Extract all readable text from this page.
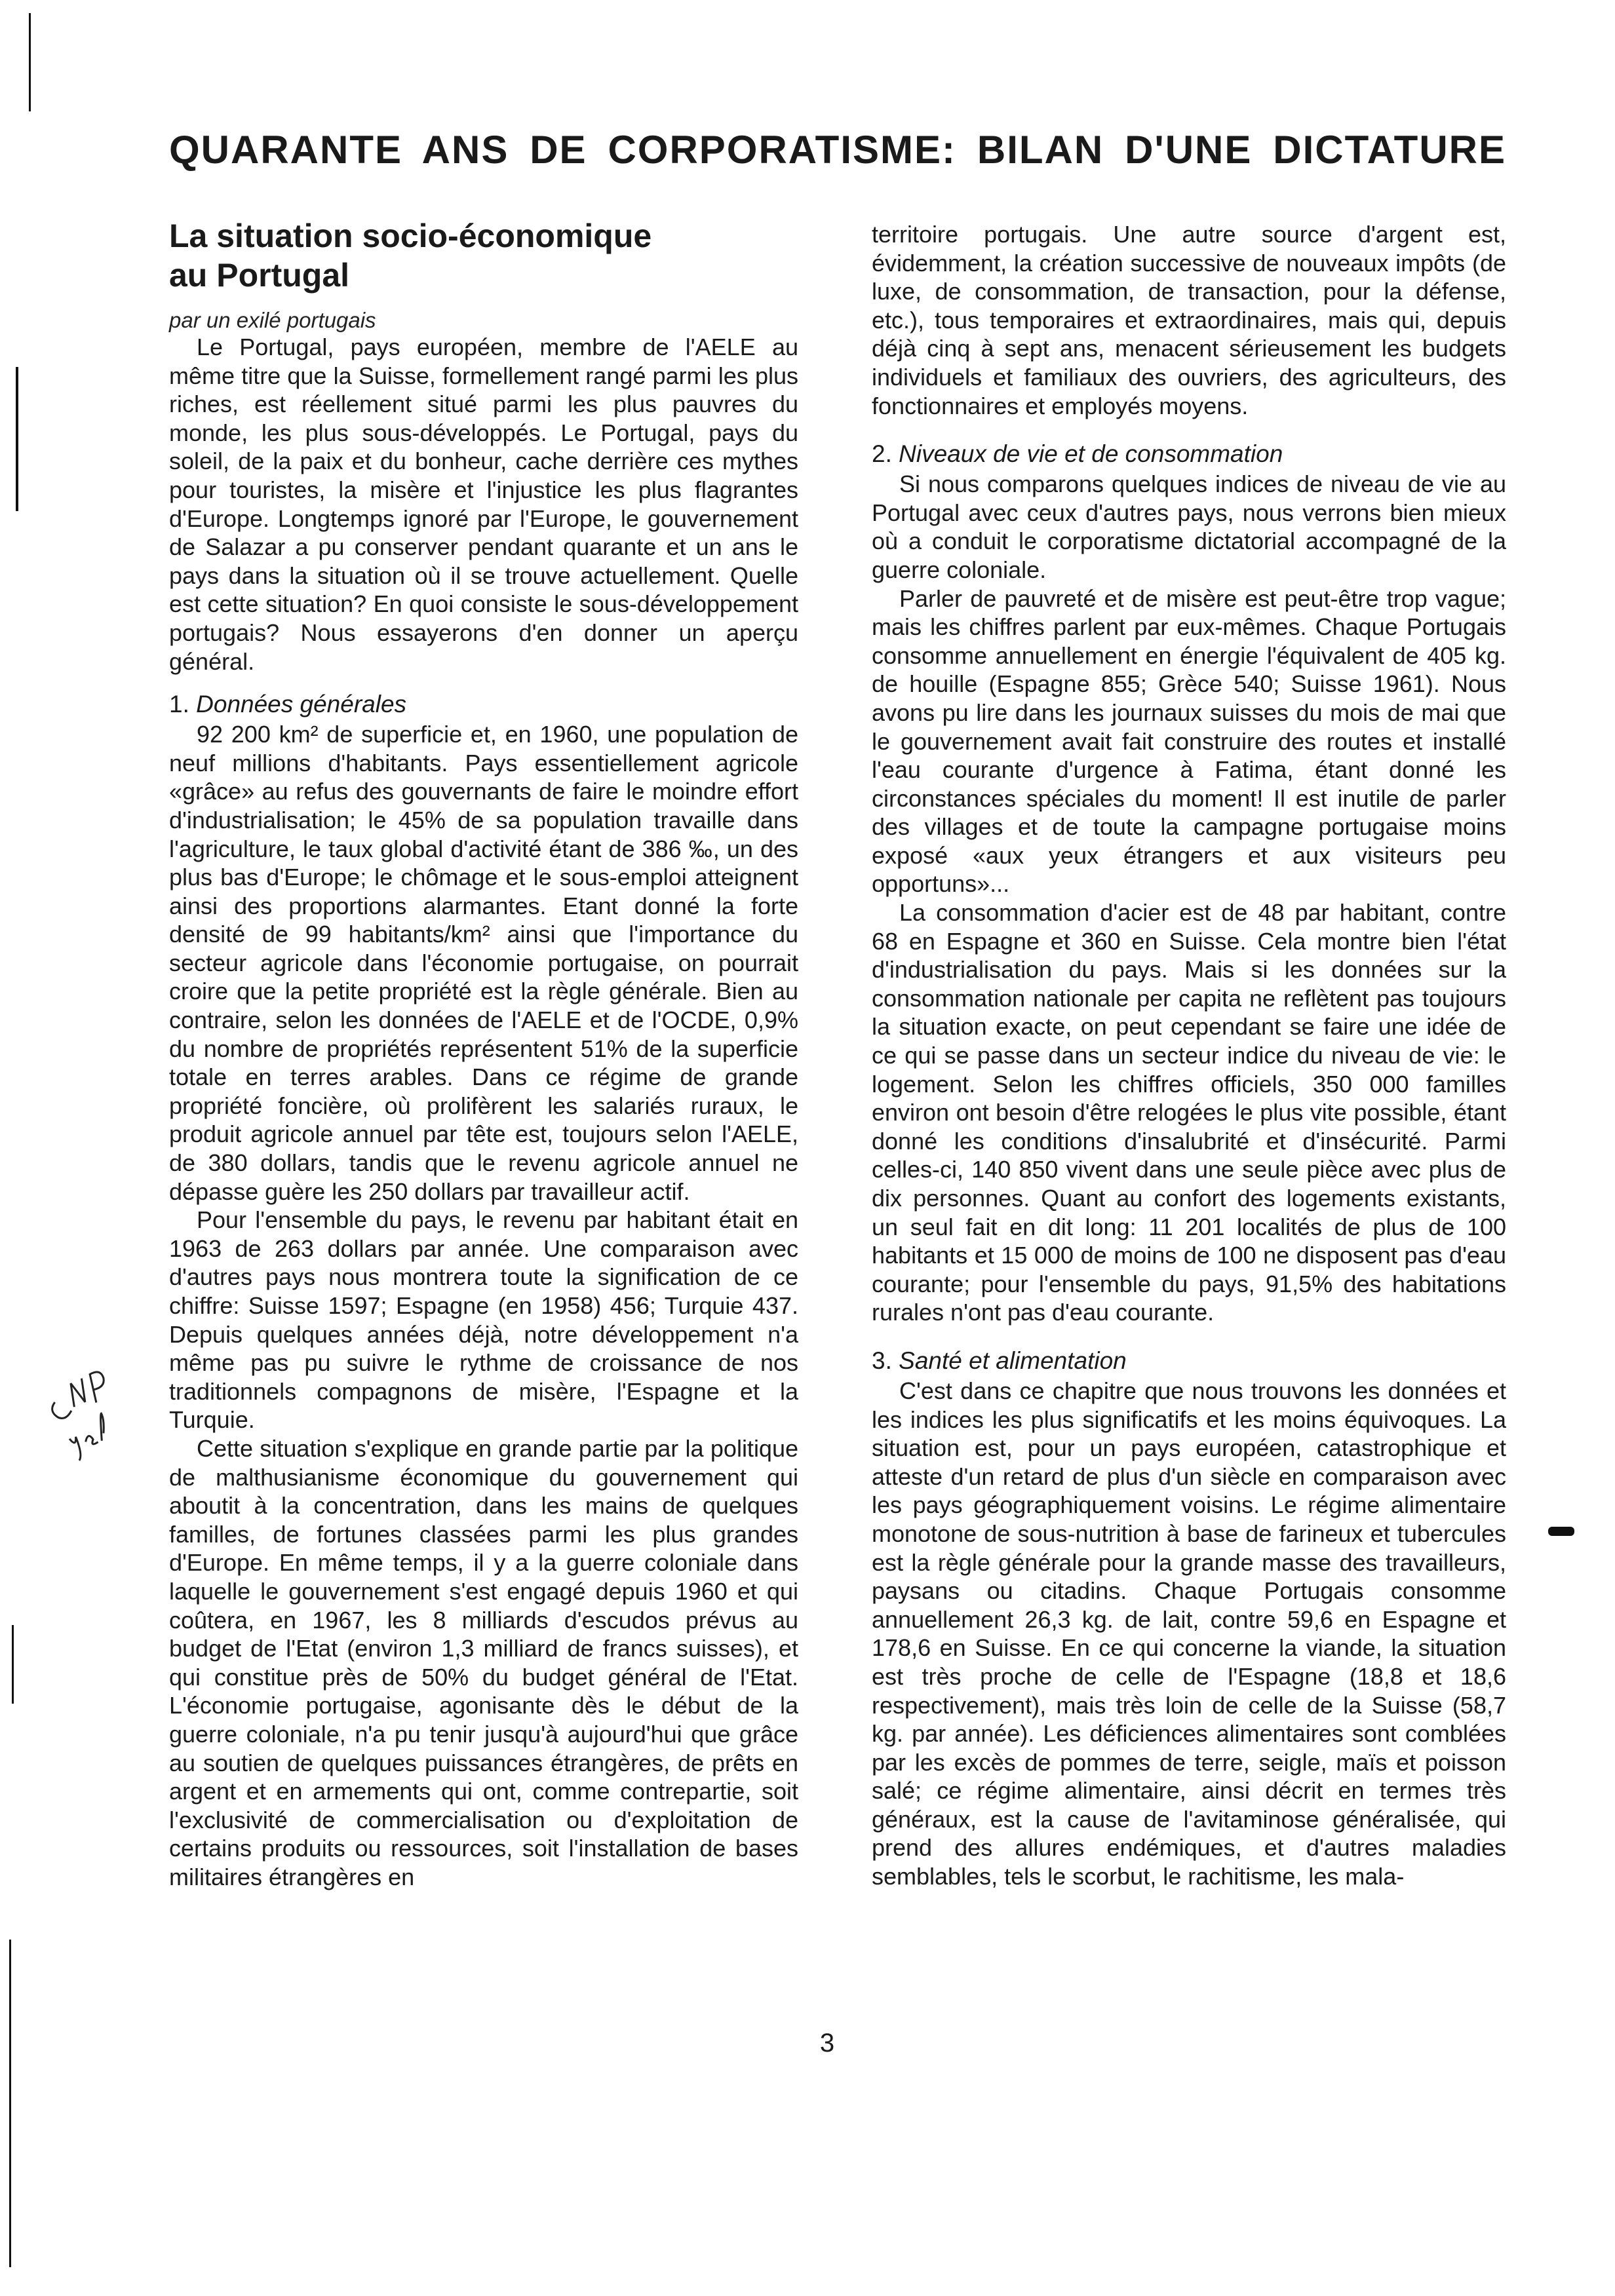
QUARANTE ANS DE CORPORATISME: BILAN D'UNE DICTATURE
La situation socio-économique
au Portugal

par un exilé portugais

Le Portugal, pays européen, membre de l'AELE au même titre que la Suisse, formellement rangé parmi les plus riches, est réellement situé parmi les plus pauvres du monde, les plus sous-développés. Le Portugal, pays du soleil, de la paix et du bonheur, cache derrière ces mythes pour touristes, la misère et l'injustice les plus flagrantes d'Europe. Longtemps ignoré par l'Europe, le gouvernement de Salazar a pu conserver pendant quarante et un ans le pays dans la situation où il se trouve actuellement. Quelle est cette situation? En quoi consiste le sous-développement portugais? Nous essayerons d'en donner un aperçu général.

1. Données générales

92 200 km² de superficie et, en 1960, une population de neuf millions d'habitants. Pays essentiellement agricole «grâce» au refus des gouvernants de faire le moindre effort d'industrialisation; le 45% de sa population travaille dans l'agriculture, le taux global d'activité étant de 386 ‰, un des plus bas d'Europe; le chômage et le sous-emploi atteignent ainsi des proportions alarmantes. Etant donné la forte densité de 99 habitants/km² ainsi que l'importance du secteur agricole dans l'économie portugaise, on pourrait croire que la petite propriété est la règle générale. Bien au contraire, selon les données de l'AELE et de l'OCDE, 0,9% du nombre de propriétés représentent 51% de la superficie totale en terres arables. Dans ce régime de grande propriété foncière, où prolifèrent les salariés ruraux, le produit agricole annuel par tête est, toujours selon l'AELE, de 380 dollars, tandis que le revenu agricole annuel ne dépasse guère les 250 dollars par travailleur actif.

Pour l'ensemble du pays, le revenu par habitant était en 1963 de 263 dollars par année. Une comparaison avec d'autres pays nous montrera toute la signification de ce chiffre: Suisse 1597; Espagne (en 1958) 456; Turquie 437. Depuis quelques années déjà, notre développement n'a même pas pu suivre le rythme de croissance de nos traditionnels compagnons de misère, l'Espagne et la Turquie.

Cette situation s'explique en grande partie par la politique de malthusianisme économique du gouvernement qui aboutit à la concentration, dans les mains de quelques familles, de fortunes classées parmi les plus grandes d'Europe. En même temps, il y a la guerre coloniale dans laquelle le gouvernement s'est engagé depuis 1960 et qui coûtera, en 1967, les 8 milliards d'escudos prévus au budget de l'Etat (environ 1,3 milliard de francs suisses), et qui constitue près de 50% du budget général de l'Etat. L'économie portugaise, agonisante dès le début de la guerre coloniale, n'a pu tenir jusqu'à aujourd'hui que grâce au soutien de quelques puissances étrangères, de prêts en argent et en armements qui ont, comme contrepartie, soit l'exclusivité de commercialisation ou d'exploitation de certains produits ou ressources, soit l'installation de bases militaires étrangères en

territoire portugais. Une autre source d'argent est, évidemment, la création successive de nouveaux impôts (de luxe, de consommation, de transaction, pour la défense, etc.), tous temporaires et extraordinaires, mais qui, depuis déjà cinq à sept ans, menacent sérieusement les budgets individuels et familiaux des ouvriers, des agriculteurs, des fonctionnaires et employés moyens.

2. Niveaux de vie et de consommation

Si nous comparons quelques indices de niveau de vie au Portugal avec ceux d'autres pays, nous verrons bien mieux où a conduit le corporatisme dictatorial accompagné de la guerre coloniale.

Parler de pauvreté et de misère est peut-être trop vague; mais les chiffres parlent par eux-mêmes. Chaque Portugais consomme annuellement en énergie l'équivalent de 405 kg. de houille (Espagne 855; Grèce 540; Suisse 1961). Nous avons pu lire dans les journaux suisses du mois de mai que le gouvernement avait fait construire des routes et installé l'eau courante d'urgence à Fatima, étant donné les circonstances spéciales du moment! Il est inutile de parler des villages et de toute la campagne portugaise moins exposé «aux yeux étrangers et aux visiteurs peu opportuns»...

La consommation d'acier est de 48 par habitant, contre 68 en Espagne et 360 en Suisse. Cela montre bien l'état d'industrialisation du pays. Mais si les données sur la consommation nationale per capita ne reflètent pas toujours la situation exacte, on peut cependant se faire une idée de ce qui se passe dans un secteur indice du niveau de vie: le logement. Selon les chiffres officiels, 350 000 familles environ ont besoin d'être relogées le plus vite possible, étant donné les conditions d'insalubrité et d'insécurité. Parmi celles-ci, 140 850 vivent dans une seule pièce avec plus de dix personnes. Quant au confort des logements existants, un seul fait en dit long: 11 201 localités de plus de 100 habitants et 15 000 de moins de 100 ne disposent pas d'eau courante; pour l'ensemble du pays, 91,5% des habitations rurales n'ont pas d'eau courante.

3. Santé et alimentation

C'est dans ce chapitre que nous trouvons les données et les indices les plus significatifs et les moins équivoques. La situation est, pour un pays européen, catastrophique et atteste d'un retard de plus d'un siècle en comparaison avec les pays géographiquement voisins. Le régime alimentaire monotone de sous-nutrition à base de farineux et tubercules est la règle générale pour la grande masse des travailleurs, paysans ou citadins. Chaque Portugais consomme annuellement 26,3 kg. de lait, contre 59,6 en Espagne et 178,6 en Suisse. En ce qui concerne la viande, la situation est très proche de celle de l'Espagne (18,8 et 18,6 respectivement), mais très loin de celle de la Suisse (58,7 kg. par année). Les déficiences alimentaires sont comblées par les excès de pommes de terre, seigle, maïs et poisson salé; ce régime alimentaire, ainsi décrit en termes très généraux, est la cause de l'avitaminose généralisée, qui prend des allures endémiques, et d'autres maladies semblables, tels le scorbut, le rachitisme, les mala-

3
